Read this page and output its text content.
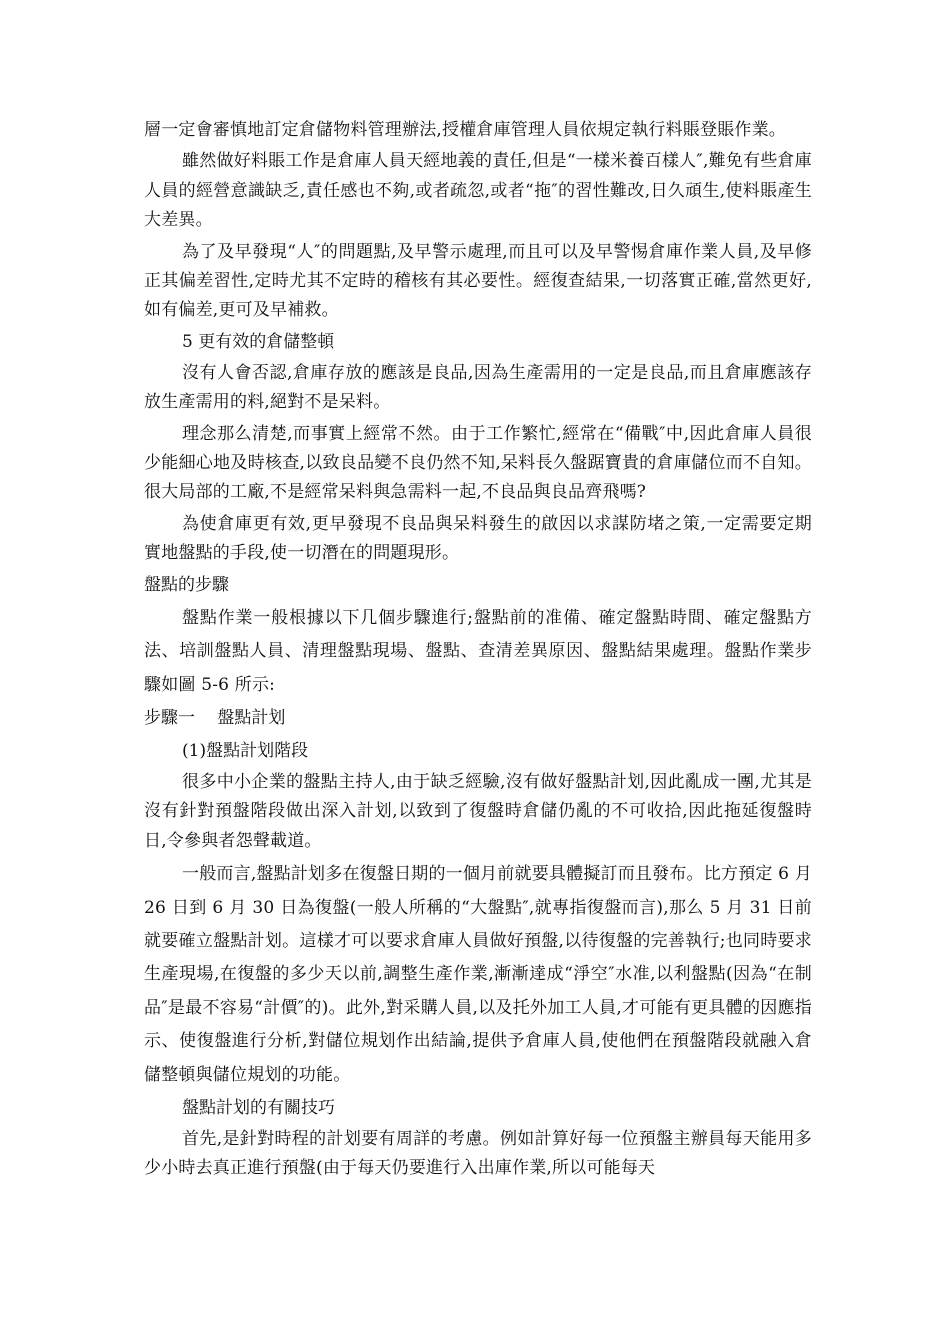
層一定會審慎地訂定倉儲物料管理辦法,授權倉庫管理人員依規定執行料賬登賬作業。

雖然做好料賬工作是倉庫人員天經地義的責任,但是“一樣米養百樣人″,難免有些倉庫人員的經營意識缺乏,責任感也不夠,或者疏忽,或者“拖″的習性難改,日久頑生,使料賬產生大差異。

為了及早發現“人″的問題點,及早警示處理,而且可以及早警惕倉庫作業人員,及早修正其偏差習性,定時尤其不定時的稽核有其必要性。經復查結果,一切落實正確,當然更好,如有偏差,更可及早補救。

5 更有效的倉儲整頓

沒有人會否認,倉庫存放的應該是良品,因為生產需用的一定是良品,而且倉庫應該存放生產需用的料,絕對不是呆料。

理念那么清楚,而事實上經常不然。由于工作繁忙,經常在“備戰″中,因此倉庫人員很少能細心地及時核查,以致良品變不良仍然不知,呆料長久盤踞寶貴的倉庫儲位而不自知。很大局部的工廠,不是經常呆料與急需料一起,不良品與良品齊飛嗎?

為使倉庫更有效,更早發現不良品與呆料發生的啟因以求謀防堵之策,一定需要定期實地盤點的手段,使一切潛在的問題現形。

盤點的步驟

盤點作業一般根據以下几個步驟進行;盤點前的准備、確定盤點時間、確定盤點方法、培訓盤點人員、清理盤點現場、盤點、查清差異原因、盤點結果處理。盤點作業步驟如圖 5-6 所示:

步驟一　 盤點計划

(1)盤點計划階段

很多中小企業的盤點主持人,由于缺乏經驗,沒有做好盤點計划,因此亂成一團,尤其是沒有針對預盤階段做出深入計划,以致到了復盤時倉儲仍亂的不可收拾,因此拖延復盤時日,令參與者怨聲載道。

一般而言,盤點計划多在復盤日期的一個月前就要具體擬訂而且發布。比方預定 6 月 26 日到 6 月 30 日為復盤(一般人所稱的“大盤點″,就專指復盤而言),那么 5 月 31 日前就要確立盤點計划。這樣才可以要求倉庫人員做好預盤,以待復盤的完善執行;也同時要求生產現場,在復盤的多少天以前,調整生產作業,漸漸達成“淨空″水准,以利盤點(因為“在制品″是最不容易“計價″的)。此外,對采購人員,以及托外加工人員,才可能有更具體的因應指示、使復盤進行分析,對儲位規划作出結論,提供予倉庫人員,使他們在預盤階段就融入倉儲整頓與儲位規划的功能。

盤點計划的有關技巧

首先,是針對時程的計划要有周詳的考慮。例如計算好每一位預盤主辦員每天能用多少小時去真正進行預盤(由于每天仍要進行入出庫作業,所以可能每天
